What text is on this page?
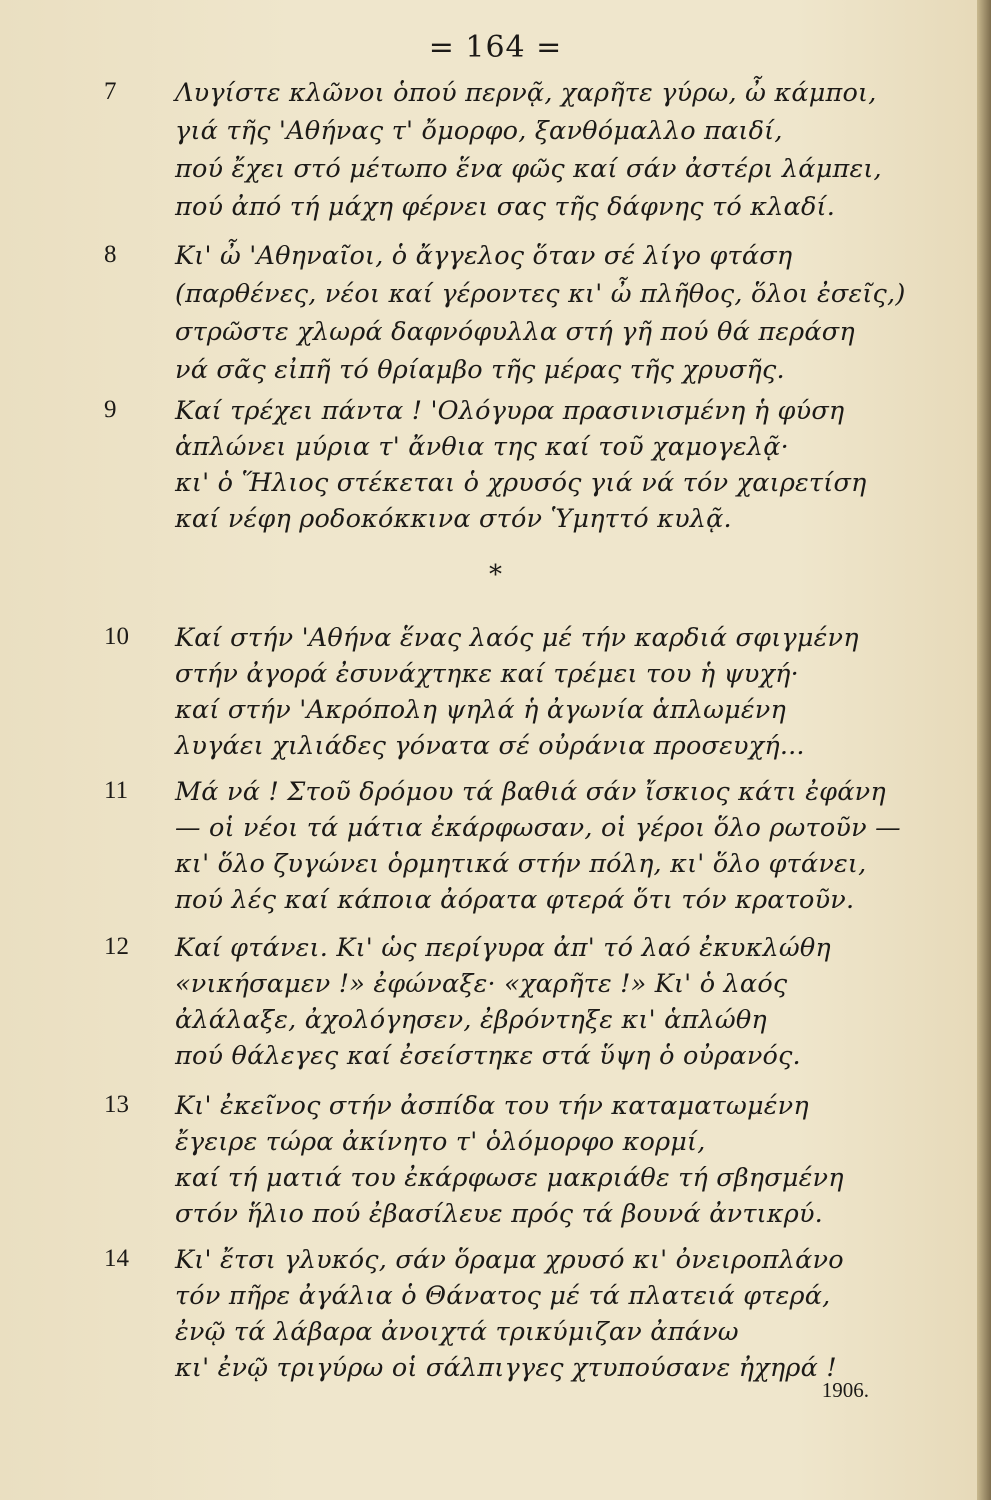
= 164 =
7	Λυγίστε κλῶνοι ὁπού περνᾷ, χαρῆτε γύρω, ὦ κάμποι,
γιά τῆς 'Αθήνας τ' ὄμορφο, ξανθόμαλλο παιδί,
πού ἔχει στό μέτωπο ἕνα φῶς καί σάν ἀστέρι λάμπει,
πού ἀπό τή μάχη φέρνει σας τῆς δάφνης τό κλαδί.
8	Κι' ὦ 'Αθηναῖοι, ὁ ἄγγελος ὅταν σέ λίγο φτάση
(παρθένες, νέοι καί γέροντες κι' ὦ πλῆθος, ὅλοι ἐσεῖς,)
στρῶστε χλωρά δαφνόφυλλα στή γῆ πού θά περάση
νά σᾶς εἰπῆ τό θρίαμβο τῆς μέρας τῆς χρυσῆς.
9	Καί τρέχει πάντα ! 'Ολόγυρα πρασινισμένη ἡ φύση
ἁπλώνει μύρια τ' ἄνθια της καί τοῦ χαμογελᾷ·
κι' ὁ Ἥλιος στέκεται ὁ χρυσός γιά νά τόν χαιρετίση
καί νέφη ροδοκόκκινα στόν Ὑμηττό κυλᾷ.
*
10	Καί στήν 'Αθήνα ἕνας λαός μέ τήν καρδιά σφιγμένη
στήν ἀγορά ἐσυνάχτηκε καί τρέμει του ἡ ψυχή·
καί στήν 'Ακρόπολη ψηλά ἡ ἀγωνία ἁπλωμένη
λυγάει χιλιάδες γόνατα σέ οὐράνια προσευχή...
11	Μά νά ! Στοῦ δρόμου τά βαθιά σάν ἴσκιος κάτι ἐφάνη
— οἱ νέοι τά μάτια ἐκάρφωσαν, οἱ γέροι ὅλο ρωτοῦν —
κι' ὅλο ζυγώνει ὁρμητικά στήν πόλη, κι' ὅλο φτάνει,
πού λές καί κάποια ἀόρατα φτερά ὅτι τόν κρατοῦν.
12	Καί φτάνει. Κι' ὡς περίγυρα ἀπ' τό λαό ἐκυκλώθη
«νικήσαμεν !» ἐφώναξε· «χαρῆτε !» Κι' ὁ λαός
ἀλάλαξε, ἀχολόγησεν, ἐβρόντηξε κι' ἁπλώθη
πού θάλεγες καί ἐσείστηκε στά ὕψη ὁ οὐρανός.
13	Κι' ἐκεῖνος στήν ἀσπίδα του τήν καταματωμένη
ἔγειρε τώρα ἀκίνητο τ' ὁλόμορφο κορμί,
καί τή ματιά του ἐκάρφωσε μακριάθε τή σβησμένη
στόν ἥλιο πού ἐβασίλευε πρός τά βουνά ἀντικρύ.
14	Κι' ἔτσι γλυκός, σάν ὅραμα χρυσό κι' ὀνειροπλάνο
τόν πῆρε ἀγάλια ὁ Θάνατος μέ τά πλατειά φτερά,
ἐνῷ τά λάβαρα ἀνοιχτά τρικύμιζαν ἀπάνω
κι' ἐνῷ τριγύρω οἱ σάλπιγγες χτυπούσανε ἠχηρά !
1906.
